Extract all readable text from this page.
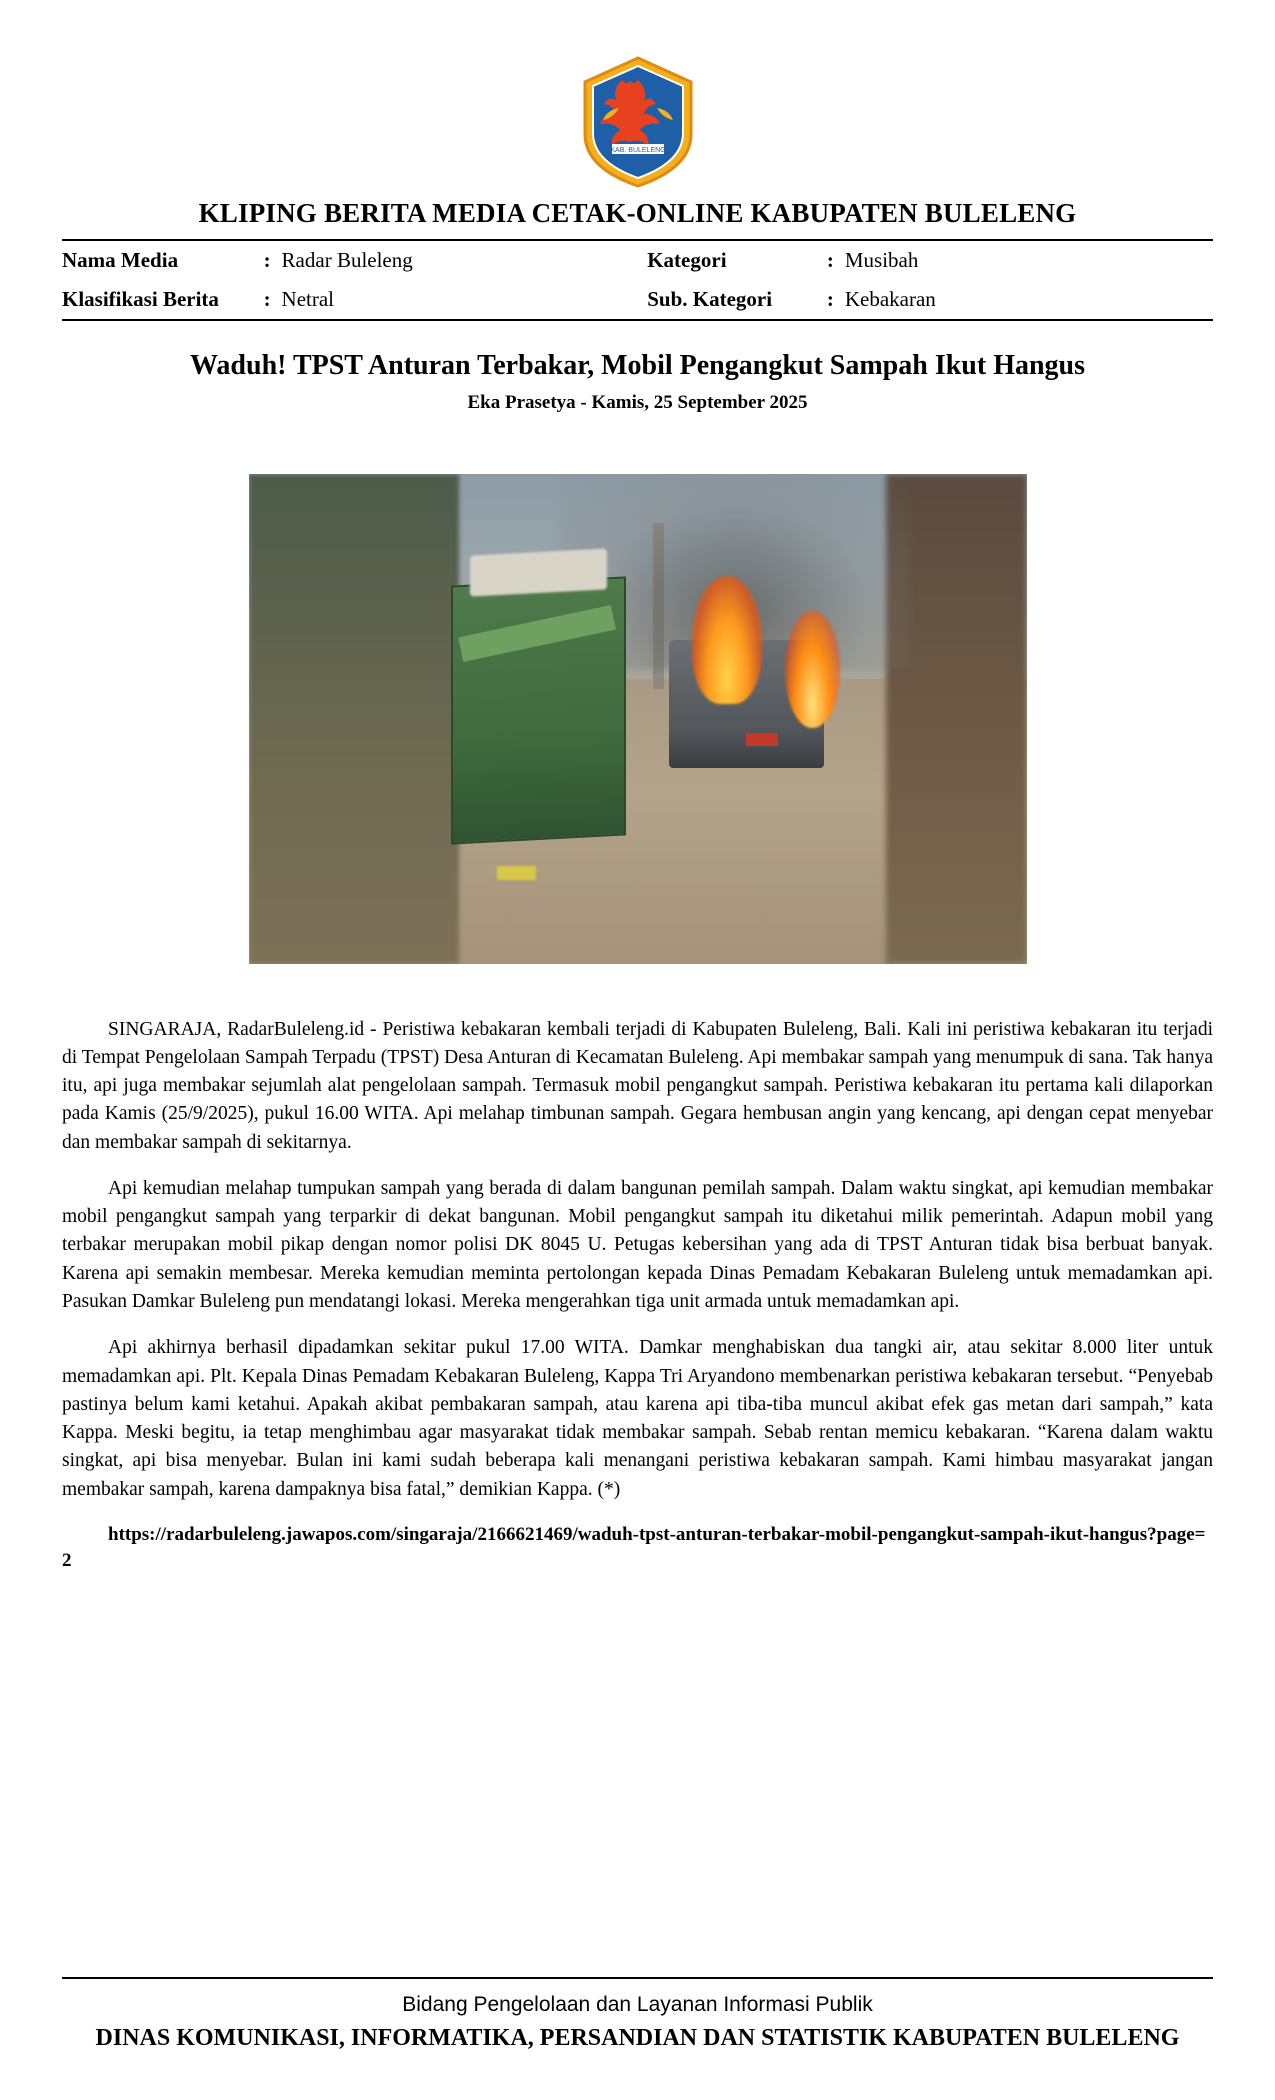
KAB. BULELENG
KLIPING BERITA MEDIA CETAK-ONLINE KABUPATEN BULELENG
Nama Media	:	Radar Buleleng	Kategori	:	Musibah
Klasifikasi Berita	:	Netral	Sub. Kategori	:	Kebakaran
Waduh! TPST Anturan Terbakar, Mobil Pengangkut Sampah Ikut Hangus
Eka Prasetya - Kamis, 25 September 2025

SINGARAJA, RadarBuleleng.id - Peristiwa kebakaran kembali terjadi di Kabupaten Buleleng, Bali. Kali ini peristiwa kebakaran itu terjadi di Tempat Pengelolaan Sampah Terpadu (TPST) Desa Anturan di Kecamatan Buleleng. Api membakar sampah yang menumpuk di sana. Tak hanya itu, api juga membakar sejumlah alat pengelolaan sampah. Termasuk mobil pengangkut sampah. Peristiwa kebakaran itu pertama kali dilaporkan pada Kamis (25/9/2025), pukul 16.00 WITA. Api melahap timbunan sampah. Gegara hembusan angin yang kencang, api dengan cepat menyebar dan membakar sampah di sekitarnya.

Api kemudian melahap tumpukan sampah yang berada di dalam bangunan pemilah sampah. Dalam waktu singkat, api kemudian membakar mobil pengangkut sampah yang terparkir di dekat bangunan. Mobil pengangkut sampah itu diketahui milik pemerintah. Adapun mobil yang terbakar merupakan mobil pikap dengan nomor polisi DK 8045 U. Petugas kebersihan yang ada di TPST Anturan tidak bisa berbuat banyak. Karena api semakin membesar. Mereka kemudian meminta pertolongan kepada Dinas Pemadam Kebakaran Buleleng untuk memadamkan api. Pasukan Damkar Buleleng pun mendatangi lokasi. Mereka mengerahkan tiga unit armada untuk memadamkan api.

Api akhirnya berhasil dipadamkan sekitar pukul 17.00 WITA. Damkar menghabiskan dua tangki air, atau sekitar 8.000 liter untuk memadamkan api. Plt. Kepala Dinas Pemadam Kebakaran Buleleng, Kappa Tri Aryandono membenarkan peristiwa kebakaran tersebut. “Penyebab pastinya belum kami ketahui. Apakah akibat pembakaran sampah, atau karena api tiba-tiba muncul akibat efek gas metan dari sampah,” kata Kappa. Meski begitu, ia tetap menghimbau agar masyarakat tidak membakar sampah. Sebab rentan memicu kebakaran. “Karena dalam waktu singkat, api bisa menyebar. Bulan ini kami sudah beberapa kali menangani peristiwa kebakaran sampah. Kami himbau masyarakat jangan membakar sampah, karena dampaknya bisa fatal,” demikian Kappa. (*)

https://radarbuleleng.jawapos.com/singaraja/2166621469/waduh-tpst-anturan-terbakar-mobil-pengangkut-sampah-ikut-hangus?page=2

Bidang Pengelolaan dan Layanan Informasi Publik
DINAS KOMUNIKASI, INFORMATIKA, PERSANDIAN DAN STATISTIK KABUPATEN BULELENG
